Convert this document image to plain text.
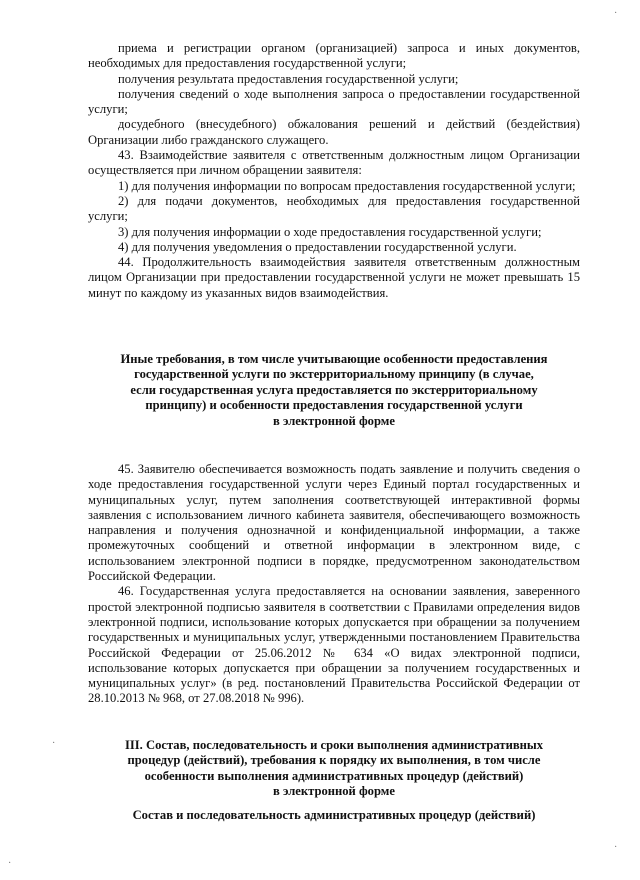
приема и регистрации органом (организацией) запроса и иных документов, необходимых для предоставления государственной услуги;

получения результата предоставления государственной услуги;

получения сведений о ходе выполнения запроса о предоставлении государственной услуги;

досудебного (внесудебного) обжалования решений и действий (бездействия) Организации либо гражданского служащего.

43. Взаимодействие заявителя с ответственным должностным лицом Организации осуществляется при личном обращении заявителя:

1) для получения информации по вопросам предоставления государственной услуги;

2) для подачи документов, необходимых для предоставления государственной услуги;

3) для получения информации о ходе предоставления государственной услуги;

4) для получения уведомления о предоставлении государственной услуги.

44. Продолжительность взаимодействия заявителя ответственным должностным лицом Организации при предоставлении государственной услуги не может превышать 15 минут по каждому из указанных видов взаимодействия.

Иные требования, в том числе учитывающие особенности предоставления
государственной услуги по экстерриториальному принципу (в случае,
если государственная услуга предоставляется по экстерриториальному
принципу) и особенности предоставления государственной услуги
в электронной форме

45. Заявителю обеспечивается возможность подать заявление и получить сведения о ходе предоставления государственной услуги через Единый портал государственных и муниципальных услуг, путем заполнения соответствующей интерактивной формы заявления с использованием личного кабинета заявителя, обеспечивающего возможность направления и получения однозначной и конфиденциальной информации, а также промежуточных сообщений и ответной информации в электронном виде, с использованием электронной подписи в порядке, предусмотренном законодательством Российской Федерации.

46. Государственная услуга предоставляется на основании заявления, заверенного простой электронной подписью заявителя в соответствии с Правилами определения видов электронной подписи, использование которых допускается при обращении за получением государственных и муниципальных услуг, утвержденными постановлением Правительства Российской Федерации от 25.06.2012 № 634 «О видах электронной подписи, использование которых допускается при обращении за получением государственных и муниципальных услуг» (в ред. постановлений Правительства Российской Федерации от 28.10.2013 № 968, от 27.08.2018 № 996).

III. Состав, последовательность и сроки выполнения административных
процедур (действий), требования к порядку их выполнения, в том числе
особенности выполнения административных процедур (действий)
в электронной форме
Состав и последовательность административных процедур (действий)
·
·
·
·
